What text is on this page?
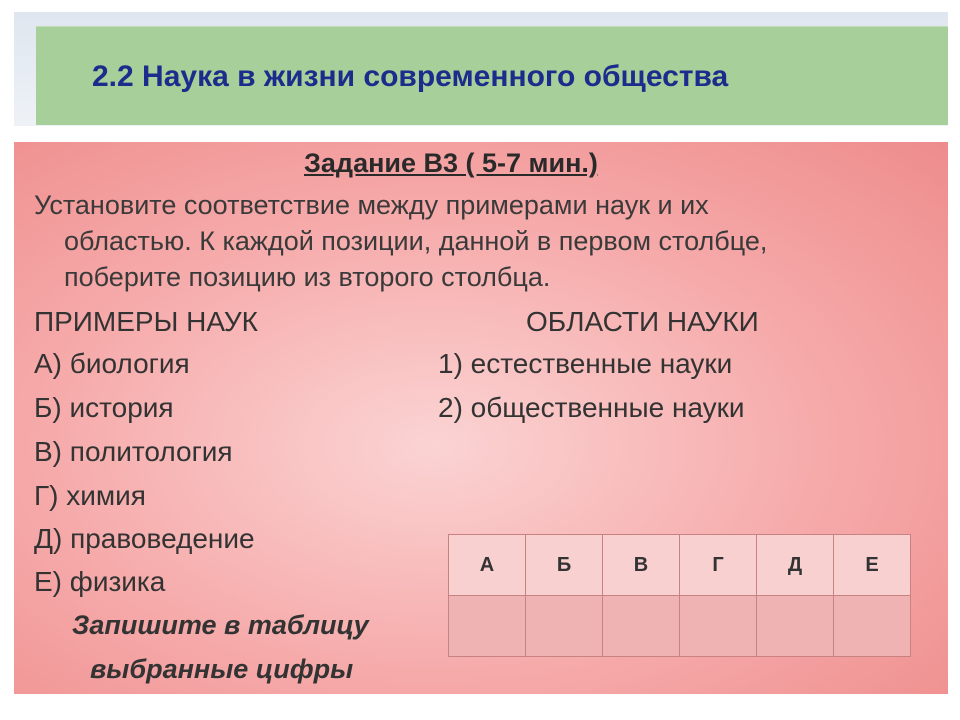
2.2 Наука в жизни современного общества
Задание В3 ( 5-7 мин.)
Установите соответствие между примерами наук и их
областью. К каждой позиции, данной в первом столбце,
поберите позицию из второго столбца.
ПРИМЕРЫ НАУК	ОБЛАСТИ НАУКИ
А) биология
Б) история
В) политология
Г) химия
Д) правоведение
Е) физика
1) естественные науки
2) общественные науки
Запишите в таблицу
выбранные цифры
А	Б	В	Г	Д	Е
